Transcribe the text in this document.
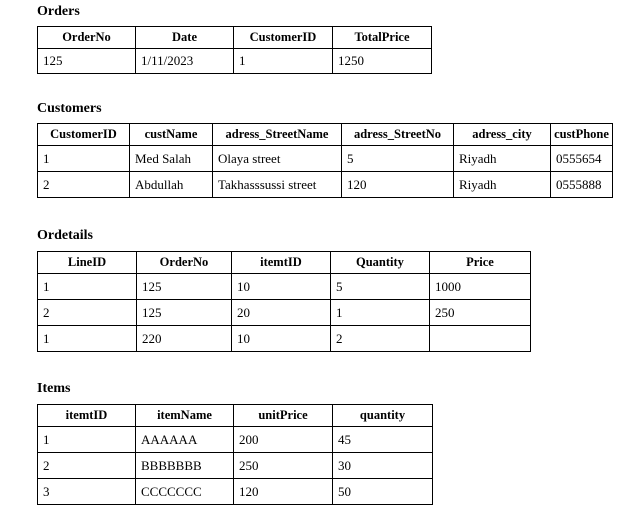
Orders

OrderNo	Date	CustomerID	TotalPrice
125	1/11/2023	1	1250

Customers

CustomerID	custName	adress_StreetName	adress_StreetNo	adress_city	custPhone
1	Med Salah	Olaya street	5	Riyadh	0555654
2	Abdullah	Takhasssussi street	120	Riyadh	0555888

Ordetails

LineID	OrderNo	itemtID	Quantity	Price
1	125	10	5	1000
2	125	20	1	250
1	220	10	2	

Items

itemtID	itemName	unitPrice	quantity
1	AAAAAA	200	45
2	BBBBBBB	250	30
3	CCCCCCC	120	50
